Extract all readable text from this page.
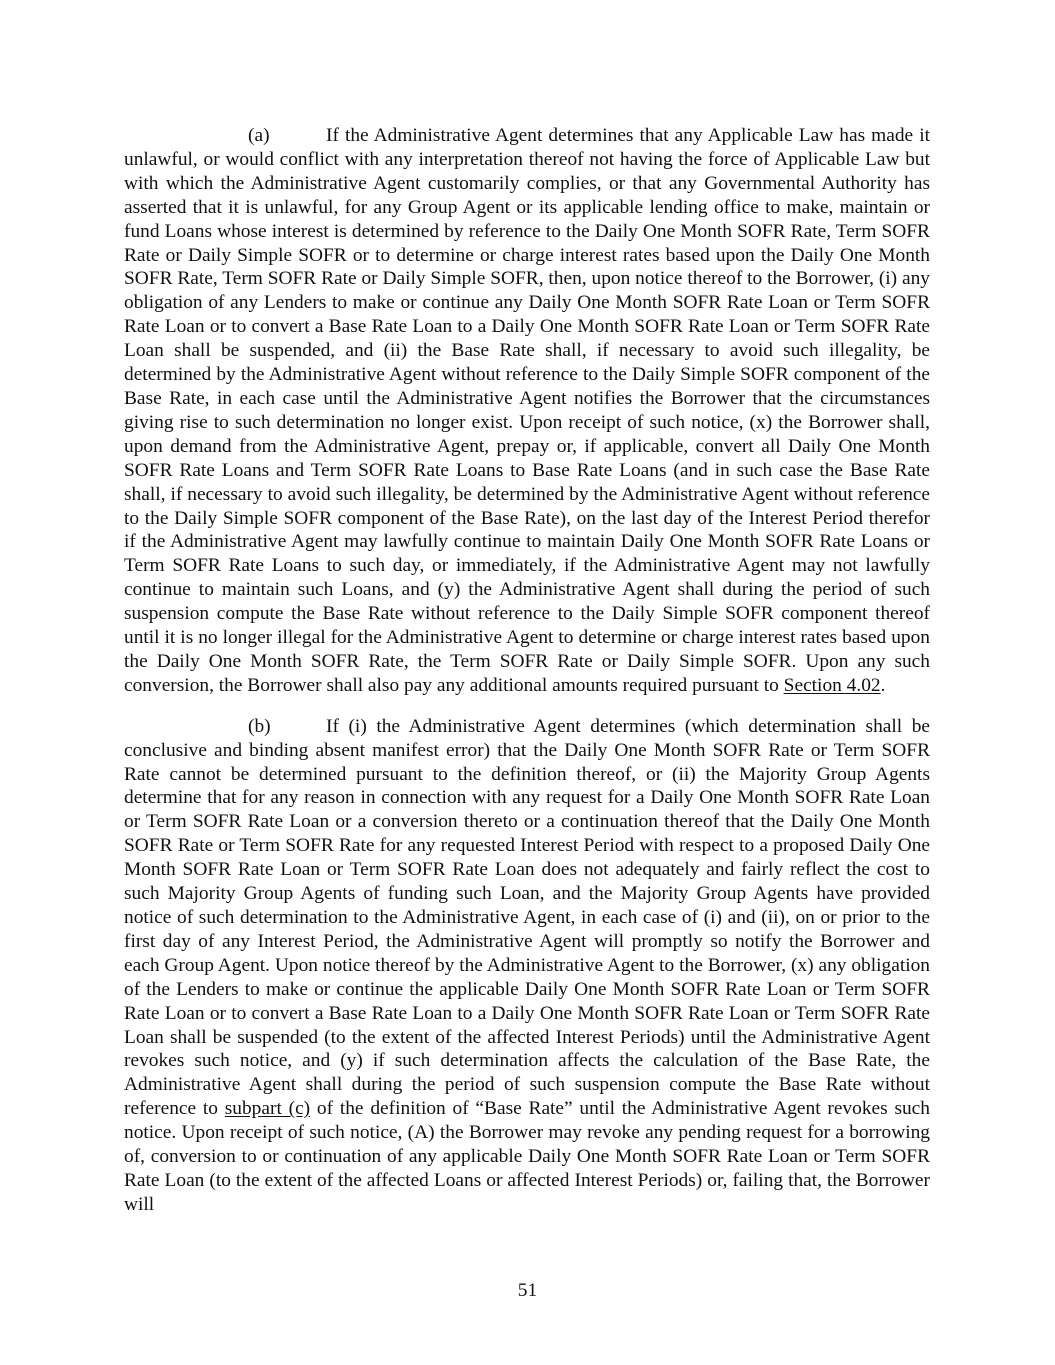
(a)	If the Administrative Agent determines that any Applicable Law has made it unlawful, or would conflict with any interpretation thereof not having the force of Applicable Law but with which the Administrative Agent customarily complies, or that any Governmental Authority has asserted that it is unlawful, for any Group Agent or its applicable lending office to make, maintain or fund Loans whose interest is determined by reference to the Daily One Month SOFR Rate, Term SOFR Rate or Daily Simple SOFR or to determine or charge interest rates based upon the Daily One Month SOFR Rate, Term SOFR Rate or Daily Simple SOFR, then, upon notice thereof to the Borrower, (i) any obligation of any Lenders to make or continue any Daily One Month SOFR Rate Loan or Term SOFR Rate Loan or to convert a Base Rate Loan to a Daily One Month SOFR Rate Loan or Term SOFR Rate Loan shall be suspended, and (ii) the Base Rate shall, if necessary to avoid such illegality, be determined by the Administrative Agent without reference to the Daily Simple SOFR component of the Base Rate, in each case until the Administrative Agent notifies the Borrower that the circumstances giving rise to such determination no longer exist. Upon receipt of such notice, (x) the Borrower shall, upon demand from the Administrative Agent, prepay or, if applicable, convert all Daily One Month SOFR Rate Loans and Term SOFR Rate Loans to Base Rate Loans (and in such case the Base Rate shall, if necessary to avoid such illegality, be determined by the Administrative Agent without reference to the Daily Simple SOFR component of the Base Rate), on the last day of the Interest Period therefor if the Administrative Agent may lawfully continue to maintain Daily One Month SOFR Rate Loans or Term SOFR Rate Loans to such day, or immediately, if the Administrative Agent may not lawfully continue to maintain such Loans, and (y) the Administrative Agent shall during the period of such suspension compute the Base Rate without reference to the Daily Simple SOFR component thereof until it is no longer illegal for the Administrative Agent to determine or charge interest rates based upon the Daily One Month SOFR Rate, the Term SOFR Rate or Daily Simple SOFR. Upon any such conversion, the Borrower shall also pay any additional amounts required pursuant to Section 4.02.

(b)	If (i) the Administrative Agent determines (which determination shall be conclusive and binding absent manifest error) that the Daily One Month SOFR Rate or Term SOFR Rate cannot be determined pursuant to the definition thereof, or (ii) the Majority Group Agents determine that for any reason in connection with any request for a Daily One Month SOFR Rate Loan or Term SOFR Rate Loan or a conversion thereto or a continuation thereof that the Daily One Month SOFR Rate or Term SOFR Rate for any requested Interest Period with respect to a proposed Daily One Month SOFR Rate Loan or Term SOFR Rate Loan does not adequately and fairly reflect the cost to such Majority Group Agents of funding such Loan, and the Majority Group Agents have provided notice of such determination to the Administrative Agent, in each case of (i) and (ii), on or prior to the first day of any Interest Period, the Administrative Agent will promptly so notify the Borrower and each Group Agent. Upon notice thereof by the Administrative Agent to the Borrower, (x) any obligation of the Lenders to make or continue the applicable Daily One Month SOFR Rate Loan or Term SOFR Rate Loan or to convert a Base Rate Loan to a Daily One Month SOFR Rate Loan or Term SOFR Rate Loan shall be suspended (to the extent of the affected Interest Periods) until the Administrative Agent revokes such notice, and (y) if such determination affects the calculation of the Base Rate, the Administrative Agent shall during the period of such suspension compute the Base Rate without reference to subpart (c) of the definition of “Base Rate” until the Administrative Agent revokes such notice. Upon receipt of such notice, (A) the Borrower may revoke any pending request for a borrowing of, conversion to or continuation of any applicable Daily One Month SOFR Rate Loan or Term SOFR Rate Loan (to the extent of the affected Loans or affected Interest Periods) or, failing that, the Borrower will

51
